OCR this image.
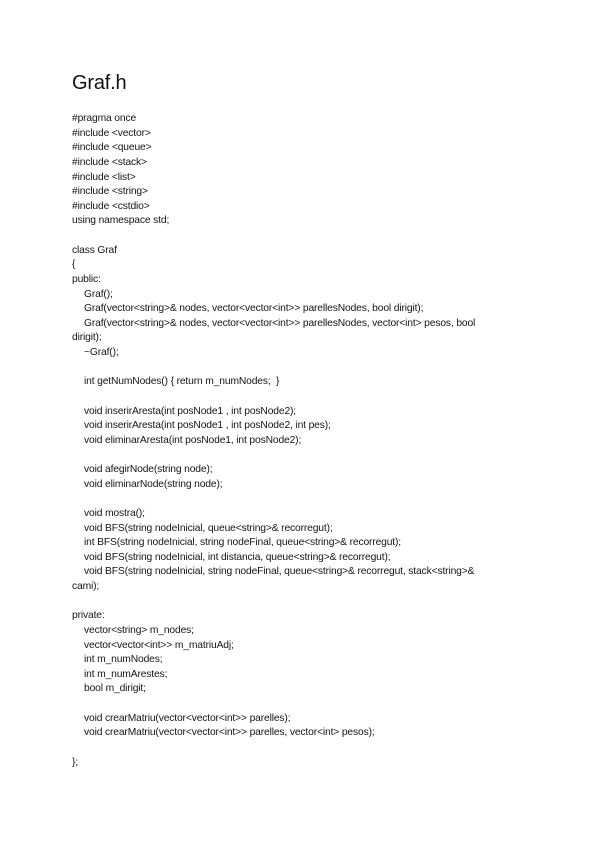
Graf.h
#pragma once
#include <vector>
#include <queue>
#include <stack>
#include <list>
#include <string>
#include <cstdio>
using namespace std;
class Graf
{
public:
Graf();
Graf(vector<string>& nodes, vector<vector<int>> parellesNodes, bool dirigit);
Graf(vector<string>& nodes, vector<vector<int>> parellesNodes, vector<int> pesos, bool
dirigit);
~Graf();
int getNumNodes() { return m_numNodes;  }
void inserirAresta(int posNode1 , int posNode2);
void inserirAresta(int posNode1 , int posNode2, int pes);
void eliminarAresta(int posNode1, int posNode2);
void afegirNode(string node);
void eliminarNode(string node);
void mostra();
void BFS(string nodeInicial, queue<string>& recorregut);
int BFS(string nodeInicial, string nodeFinal, queue<string>& recorregut);
void BFS(string nodeInicial, int distancia, queue<string>& recorregut);
void BFS(string nodeInicial, string nodeFinal, queue<string>& recorregut, stack<string>&
cami);
private:
vector<string> m_nodes;
vector<vector<int>> m_matriuAdj;
int m_numNodes;
int m_numArestes;
bool m_dirigit;
void crearMatriu(vector<vector<int>> parelles);
void crearMatriu(vector<vector<int>> parelles, vector<int> pesos);
};
